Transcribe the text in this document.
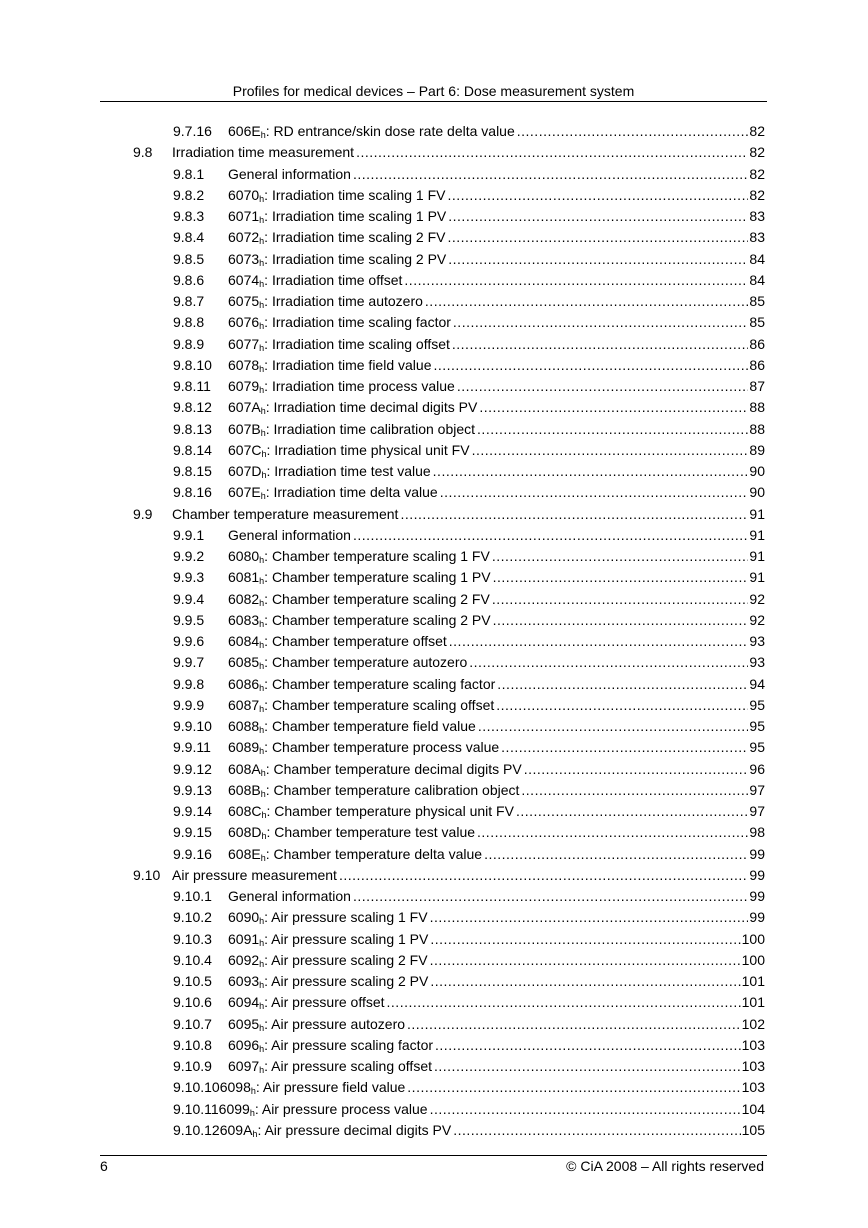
Profiles for medical devices – Part 6: Dose measurement system
9.7.16 $606E_h$: RD entrance/skin dose rate delta value .....	82
9.8 Irradiation time measurement .....	82
9.8.1 General information .....	82
9.8.2 $6070_h$: Irradiation time scaling 1 FV .....	82
9.8.3 $6071_h$: Irradiation time scaling 1 PV .....	83
9.8.4 $6072_h$: Irradiation time scaling 2 FV .....	83
9.8.5 $6073_h$: Irradiation time scaling 2 PV .....	84
9.8.6 $6074_h$: Irradiation time offset .....	84
9.8.7 $6075_h$: Irradiation time autozero .....	85
9.8.8 $6076_h$: Irradiation time scaling factor .....	85
9.8.9 $6077_h$: Irradiation time scaling offset .....	86
9.8.10 $6078_h$: Irradiation time field value .....	86
9.8.11 $6079_h$: Irradiation time process value .....	87
9.8.12 $607A_h$: Irradiation time decimal digits PV .....	88
9.8.13 $607B_h$: Irradiation time calibration object .....	88
9.8.14 $607C_h$: Irradiation time physical unit FV .....	89
9.8.15 $607D_h$: Irradiation time test value .....	90
9.8.16 $607E_h$: Irradiation time delta value .....	90
9.9 Chamber temperature measurement .....	91
9.9.1 General information .....	91
9.9.2 $6080_h$: Chamber temperature scaling 1 FV .....	91
9.9.3 $6081_h$: Chamber temperature scaling 1 PV .....	91
9.9.4 $6082_h$: Chamber temperature scaling 2 FV .....	92
9.9.5 $6083_h$: Chamber temperature scaling 2 PV .....	92
9.9.6 $6084_h$: Chamber temperature offset .....	93
9.9.7 $6085_h$: Chamber temperature autozero .....	93
9.9.8 $6086_h$: Chamber temperature scaling factor .....	94
9.9.9 $6087_h$: Chamber temperature scaling offset .....	95
9.9.10 $6088_h$: Chamber temperature field value .....	95
9.9.11 $6089_h$: Chamber temperature process value .....	95
9.9.12 $608A_h$: Chamber temperature decimal digits PV .....	96
9.9.13 $608B_h$: Chamber temperature calibration object .....	97
9.9.14 $608C_h$: Chamber temperature physical unit FV .....	97
9.9.15 $608D_h$: Chamber temperature test value .....	98
9.9.16 $608E_h$: Chamber temperature delta value .....	99
9.10 Air pressure measurement .....	99
9.10.1 General information .....	99
9.10.2 $6090_h$: Air pressure scaling 1 FV .....	99
9.10.3 $6091_h$: Air pressure scaling 1 PV .....	100
9.10.4 $6092_h$: Air pressure scaling 2 FV .....	100
9.10.5 $6093_h$: Air pressure scaling 2 PV .....	101
9.10.6 $6094_h$: Air pressure offset .....	101
9.10.7 $6095_h$: Air pressure autozero .....	102
9.10.8 $6096_h$: Air pressure scaling factor .....	103
9.10.9 $6097_h$: Air pressure scaling offset .....	103
$9.10.106098_h$: Air pressure field value .....	103
$9.10.116099_h$: Air pressure process value .....	104
$9.10.12609A_h$: Air pressure decimal digits PV .....	105
6	© CiA 2008 – All rights reserved
